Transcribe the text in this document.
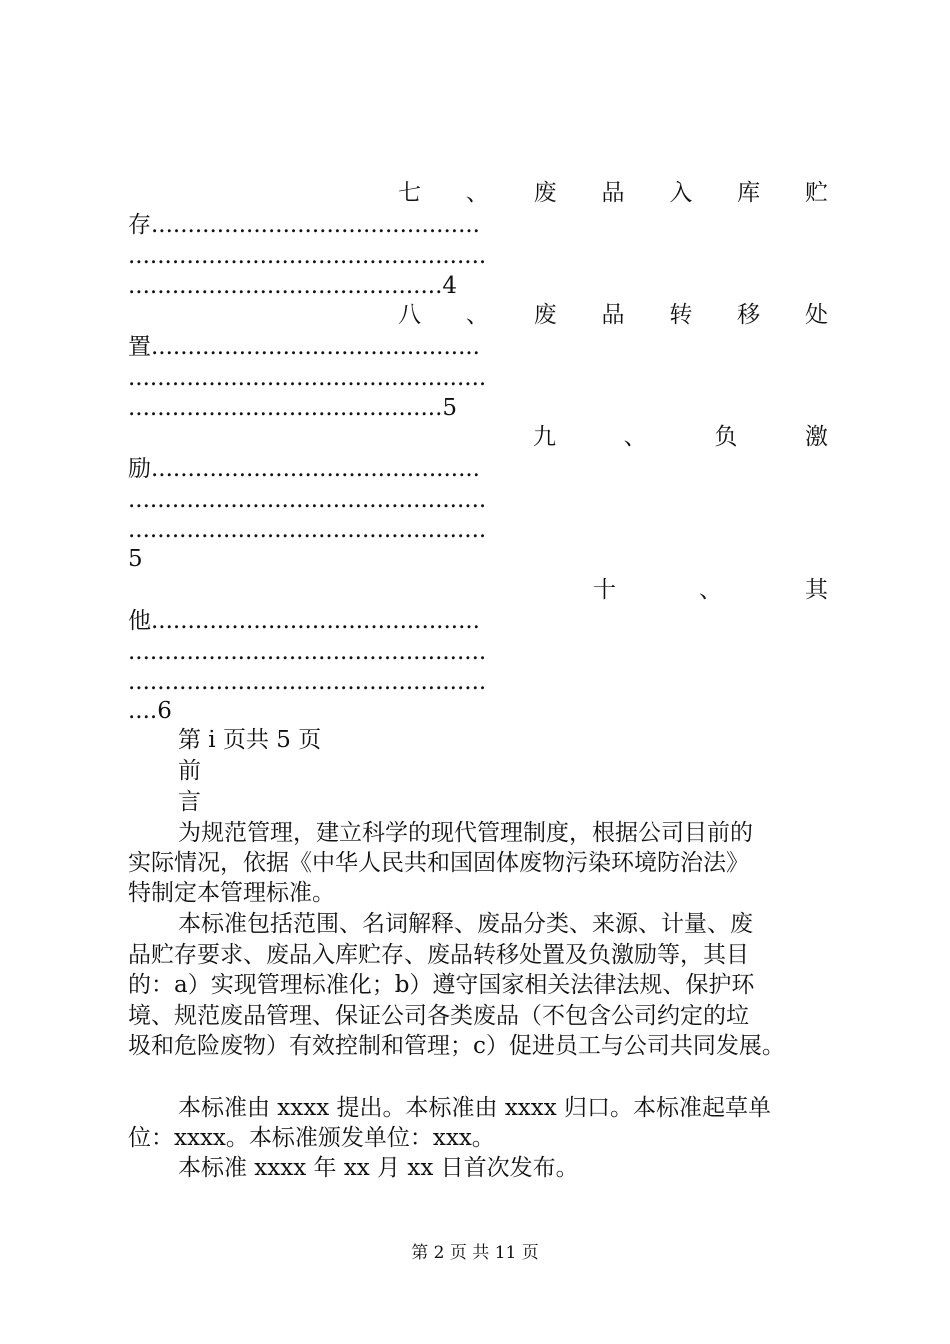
七 、 废 品 入 库 贮
存.............................................
.................................................
...........................................4
八 、 废 品 转 移 处
置.............................................
.................................................
...........................................5
九	、	负	激
励.............................................
.................................................
.................................................
5
十	、	其
他.............................................
.................................................
.................................................
....6
第 i 页共 5 页
前
言
为规范管理，建立科学的现代管理制度，根据公司目前的
实际情况，依据《中华人民共和国固体废物污染环境防治法》
特制定本管理标准。
本标准包括范围、名词解释、废品分类、来源、计量、废
品贮存要求、废品入库贮存、废品转移处置及负激励等，其目
的：a）实现管理标准化；b）遵守国家相关法律法规、保护环
境、规范废品管理、保证公司各类废品（不包含公司约定的垃
圾和危险废物）有效控制和管理；c）促进员工与公司共同发展。
本标准由 xxxx 提出。本标准由 xxxx 归口。本标准起草单
位：xxxx。本标准颁发单位：xxx。
本标准 xxxx 年 xx 月 xx 日首次发布。
第 2 页 共 11 页
